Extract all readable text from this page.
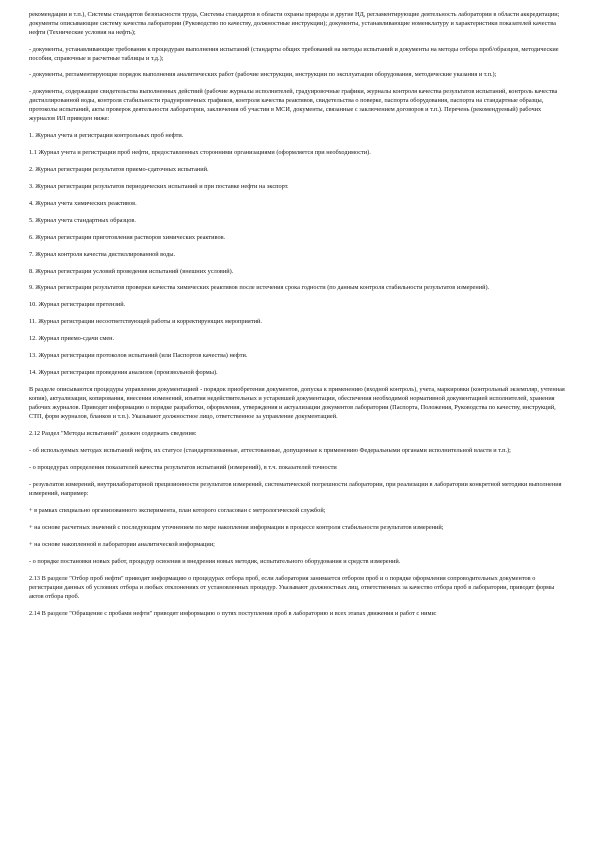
рекомендации и т.п.), Системы стандартов безопасности труда, Системы стандартов в области охраны природы и другие НД, регламентирующие деятельность лаборатории в области аккредитации; документы описывающие систему качества лаборатории (Руководство по качеству, должностные инструкции); документы, устанавливающие номенклатуру и характеристики показателей качества нефти (Технические условия на нефть);

- документы, устанавливающие требования к процедурам выполнения испытаний (стандарты общих требований на методы испытаний и документы на методы отбора проб/образцов, методические пособия, справочные и расчетные таблицы и т.д.);

- документы, регламентирующие порядок выполнения аналитических работ (рабочие инструкции, инструкции по эксплуатации оборудования, методические указания и т.п.);

- документы, содержащие свидетельства выполненных действий (рабочие журналы исполнителей, градуировочные графики, журналы контроля качества результатов испытаний, контроль качества дистиллированной воды, контроля стабильности градуировочных графиков, контроля качества реактивов, свидетельства о поверке, паспорта оборудования, паспорта на стандартные образцы, протоколы испытаний, акты проверок деятельности лаборатории, заключения об участии в МСИ, документы, связанные с заключением договоров и т.п.). Перечень (рекомендуемый) рабочих журналов ИЛ приведен ниже:

1. Журнал учета и регистрации контрольных проб нефти.

1.1 Журнал учета и регистрации проб нефти, предоставленных сторонними организациями (оформляется при необходимости).

2. Журнал регистрации результатов приемо-сдаточных испытаний.

3. Журнал регистрации результатов периодических испытаний и при поставке нефти на экспорт.

4. Журнал учета химических реактивов.

5. Журнал учета стандартных образцов.

6. Журнал регистрации приготовления растворов химических реактивов.

7. Журнал контроля качества дистиллированной воды.

8. Журнал регистрации условий проведения испытаний (внешних условий).

9. Журнал регистрации результатов проверки качества химических реактивов после истечения срока годности (по данным контроля стабильности результатов измерений).

10. Журнал регистрации претензий.

11. Журнал регистрации несоответствующей работы и корректирующих мероприятий.

12. Журнал приемо-сдачи смен.

13. Журнал регистрации протоколов испытаний (или Паспортов качества) нефти.

14. Журнал регистрации проведения анализов (произвольной формы).

В разделе описываются процедуры управления документацией - порядок приобретения документов, допуска к применению (входной контроль), учета, маркировки (контрольный экземпляр, учтенная копия), актуализации, копирования, внесения изменений, изъятия недействительных и устаревшей документации, обеспечения необходимой нормативной документацией исполнителей, хранения рабочих журналов. Приводят информацию о порядке разработки, оформления, утверждения и актуализации документов лаборатории (Паспорта, Положения, Руководства по качеству, инструкций, СТП, форм журналов, бланков и т.п.). Указывают должностное лицо, ответственное за управление документацией.

2.12 Раздел "Методы испытаний" должен содержать сведения:

- об используемых методах испытаний нефти, их статусе (стандартизованные, аттестованные, допущенные к применению Федеральными органами исполнительной власти и т.п.);

- о процедурах определения показателей качества результатов испытаний (измерений), в т.ч. показателей точности

- результатов измерений, внутрилабораторной прецизионности результатов измерений, систематической погрешности лаборатории, при реализации в лаборатории конкретной методики выполнения измерений, например:

+ в рамках специально организованного эксперимента, план которого согласован с метрологической службой;

+ на основе расчетных значений с последующим уточнением по мере накопления информации в процессе контроля стабильности результатов измерений;

+ на основе накопленной в лаборатории аналитической информации;

- о порядке постановки новых работ, процедур освоения и внедрения новых методик, испытательного оборудования и средств измерений.

2.13 В разделе "Отбор проб нефти" приводят информацию о процедурах отбора проб, если лаборатория занимается отбором проб и о порядке оформления сопроводительных документов о регистрации данных об условиях отбора и любых отклонениях от установленных процедур. Указывают должностных лиц, ответственных за качество отбора проб в лаборатории, приводят формы актов отбора проб.

2.14 В разделе "Обращение с пробами нефти" приводят информацию о путях поступления проб в лабораторию и всех этапах движения и работ с ними:
